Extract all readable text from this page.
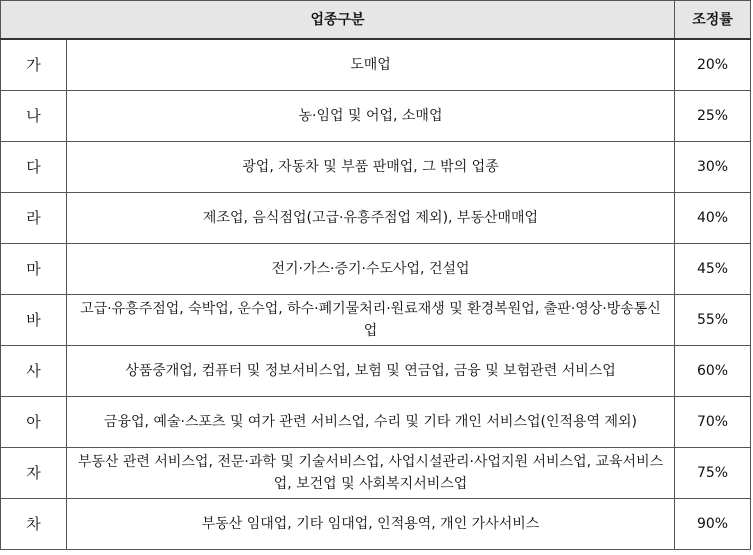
업종구분		조정률
가	도매업	20%
나	농·임업 및 어업, 소매업	25%
다	광업, 자동차 및 부품 판매업, 그 밖의 업종	30%
라	제조업, 음식점업(고급·유흥주점업 제외), 부동산매매업	40%
마	전기·가스·증기·수도사업, 건설업	45%
바	고급·유흥주점업, 숙박업, 운수업, 하수·폐기물처리·원료재생 및 환경복원업, 출판·영상·방송통신업	55%
사	상품중개업, 컴퓨터 및 정보서비스업, 보험 및 연금업, 금융 및 보험관련 서비스업	60%
아	금융업, 예술·스포츠 및 여가 관련 서비스업, 수리 및 기타 개인 서비스업(인적용역 제외)	70%
자	부동산 관련 서비스업, 전문·과학 및 기술서비스업, 사업시설관리·사업지원 서비스업, 교육서비스업, 보건업 및 사회복지서비스업	75%
차	부동산 임대업, 기타 임대업, 인적용역, 개인 가사서비스	90%
